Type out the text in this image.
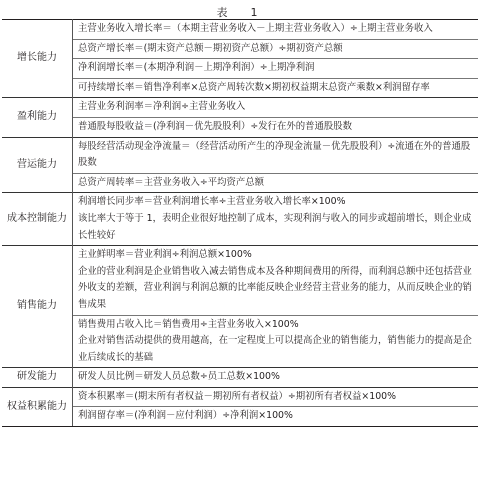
表　1
增长能力	主营业务收入增长率＝（本期主营业务收入－上期主营业务收入）÷上期主营业务收入

	总资产增长率＝(期末资产总额－期初资产总额）÷期初资产总额

	净利润增长率＝(本期净利润－上期净利润）÷上期净利润

	可持续增长率＝销售净利率×总资产周转次数×期初权益期末总资产乘数×利润留存率

盈利能力	主营业务利润率＝净利润÷主营业务收入

	普通股每股收益＝(净利润－优先股股利）÷发行在外的普通股股数

营运能力	每股经营活动现金净流量＝（经营活动所产生的净现金流量－优先股股利）÷流通在外的普通股股数

	总资产周转率＝主营业务收入÷平均资产总额

成本控制能力	利润增长同步率＝营业利润增长率÷主营业务收入增长率×100%
该比率大于等于 1，表明企业很好地控制了成本，实现利润与收入的同步或超前增长，则企业成长性较好

销售能力	主业鲜明率＝营业利润÷利润总额×100%
企业的营业利润是企业销售收入减去销售成本及各种期间费用的所得，而利润总额中还包括营业外收支的差额，营业利润与利润总额的比率能反映企业经营主营业务的能力，从而反映企业的销售成果

	销售费用占收入比＝销售费用÷主营业务收入×100%
企业对销售活动提供的费用越高，在一定程度上可以提高企业的销售能力，销售能力的提高是企业后续成长的基础

研发能力	研发人员比例＝研发人员总数÷员工总数×100%

权益积累能力	资本积累率＝(期末所有者权益－期初所有者权益）÷期初所有者权益×100%

	利润留存率＝(净利润－应付利润）÷净利润×100%
